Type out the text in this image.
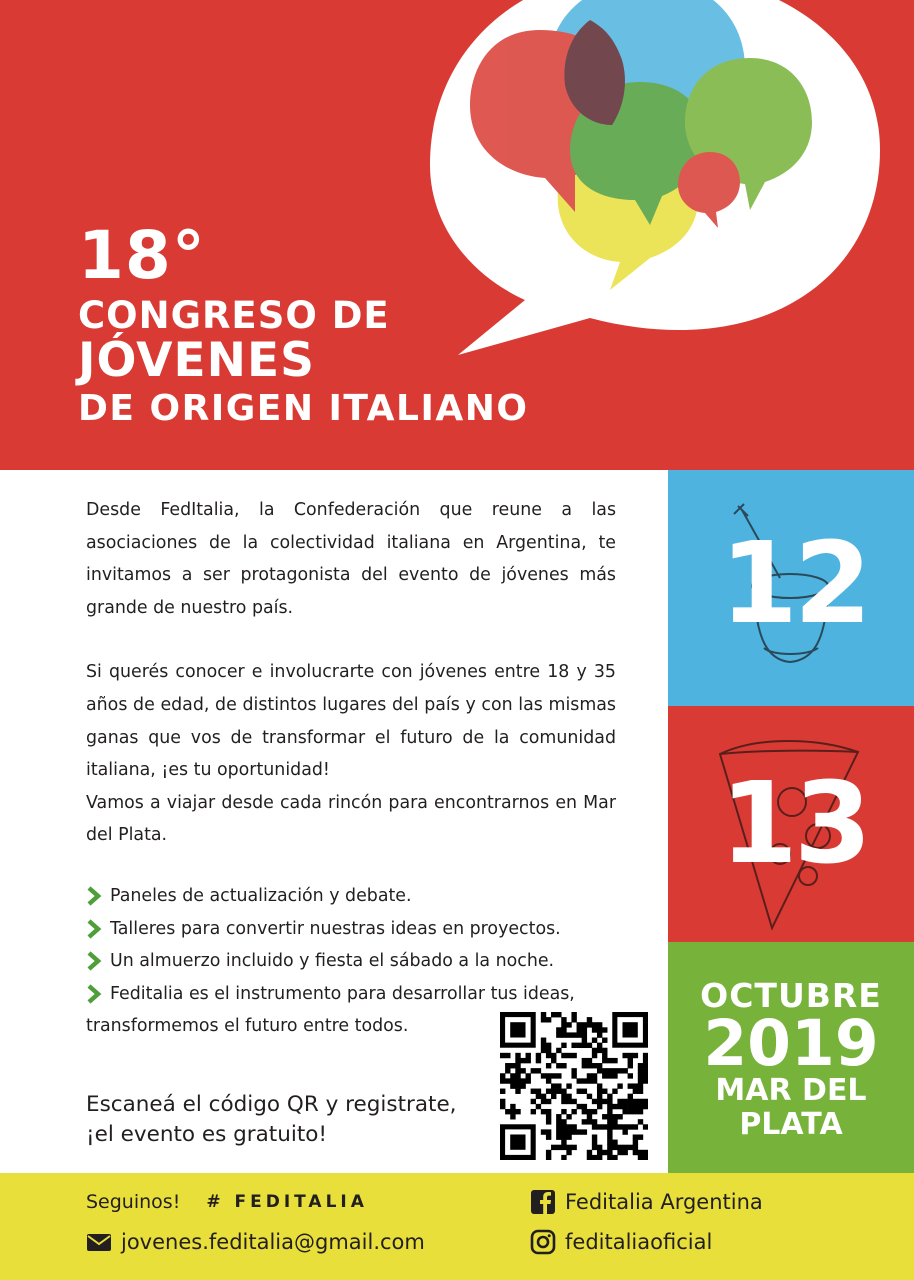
18°
CONGRESO DE
JÓVENES
DE ORIGEN ITALIANO

Desde FedItalia, la Confederación que reune a las asociaciones de la colectividad italiana en Argentina, te invitamos a ser protagonista del evento de jóvenes más grande de nuestro país.

Si querés conocer e involucrarte con jóvenes entre 18 y 35 años de edad, de distintos lugares del país y con las mismas ganas que vos de transformar el futuro de la comunidad italiana, ¡es tu oportunidad!

Vamos a viajar desde cada rincón para encontrarnos en Mar del Plata.

Paneles de actualización y debate.
Talleres para convertir nuestras ideas en proyectos.
Un almuerzo incluido y fiesta el sábado a la noche.
Feditalia es el instrumento para desarrollar tus ideas,

transformemos el futuro entre todos.

Escaneá el código QR y registrate,
¡el evento es gratuito!
12
13
OCTUBRE
2019
MAR DEL
PLATA
Seguinos! # FEDITALIA
jovenes.feditalia@gmail.com
Feditalia Argentina
feditaliaoficial
